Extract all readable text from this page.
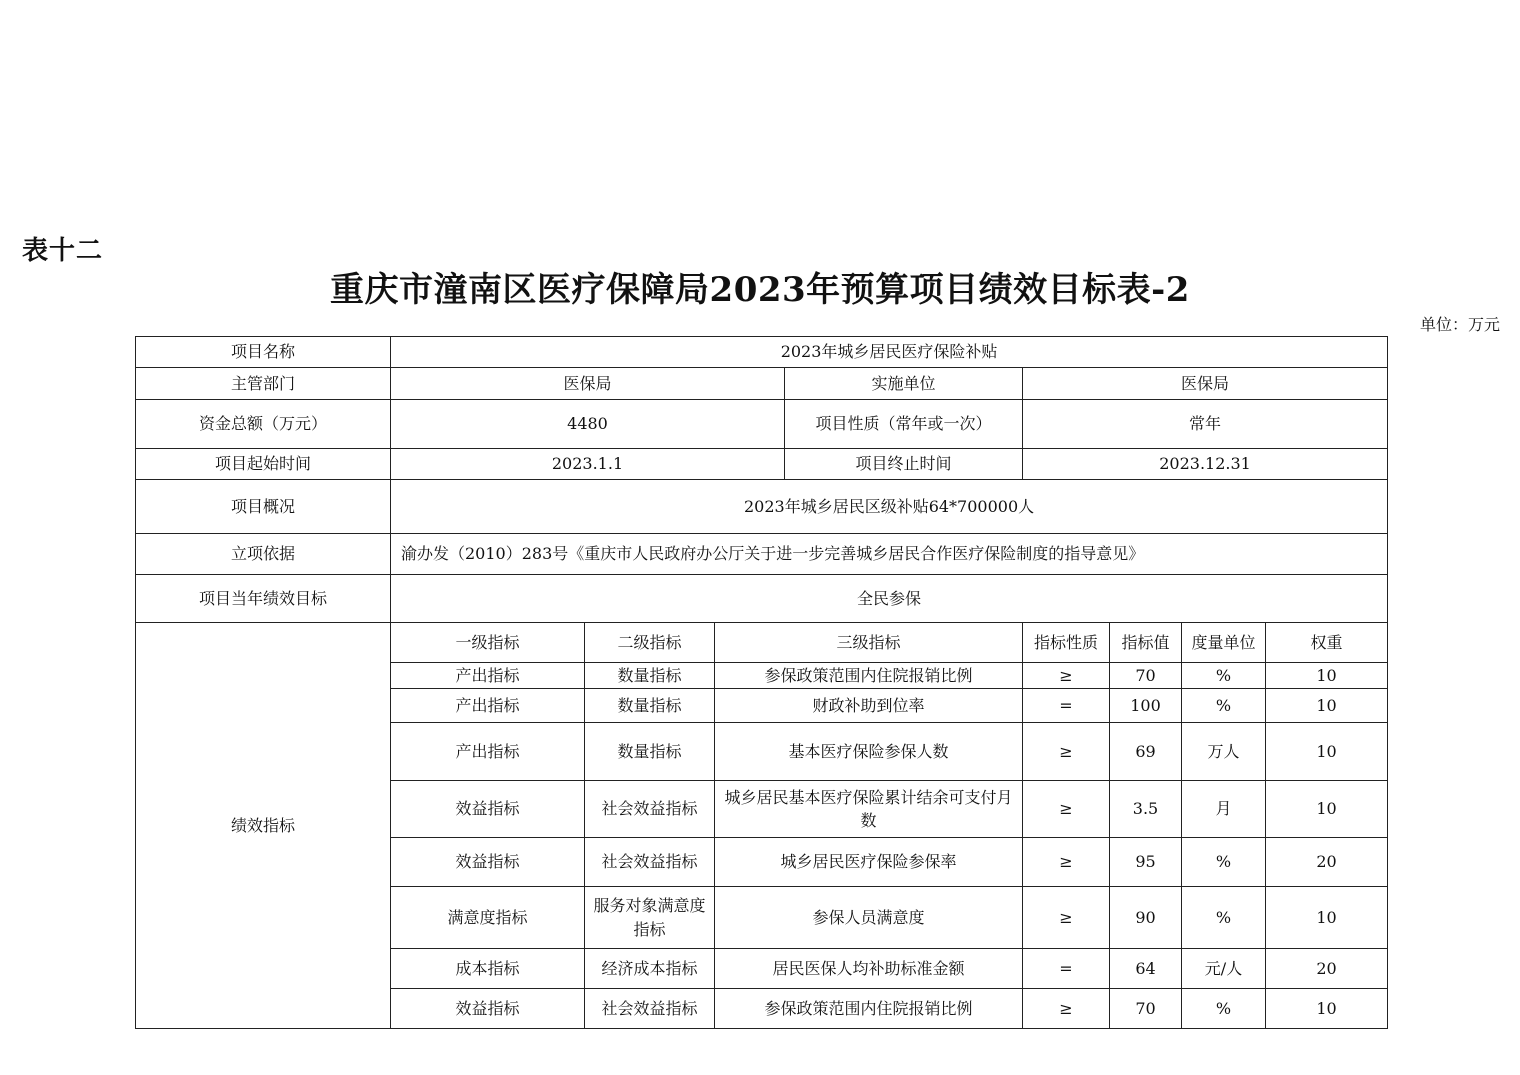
表十二
重庆市潼南区医疗保障局2023年预算项目绩效目标表-2
单位：万元
项目名称	2023年城乡居民医疗保险补贴							
主管部门	医保局			实施单位	医保局			
资金总额（万元）	4480			项目性质（常年或一次）	常年			
项目起始时间	2023.1.1			项目终止时间	2023.12.31			
项目概况	2023年城乡居民区级补贴64*700000人							
立项依据	渝办发（2010）283号《重庆市人民政府办公厅关于进一步完善城乡居民合作医疗保险制度的指导意见》							
项目当年绩效目标	全民参保							
绩效指标	一级指标	二级指标	三级指标		指标性质	指标值	度量单位	权重
	产出指标	数量指标	参保政策范围内住院报销比例		≥	70	%	10
	产出指标	数量指标	财政补助到位率		=	100	%	10
	产出指标	数量指标	基本医疗保险参保人数		≥	69	万人	10
	效益指标	社会效益指标	城乡居民基本医疗保险累计结余可支付月数		≥	3.5	月	10
	效益指标	社会效益指标	城乡居民医疗保险参保率		≥	95	%	20
	满意度指标	服务对象满意度指标	参保人员满意度		≥	90	%	10
	成本指标	经济成本指标	居民医保人均补助标准金额		=	64	元/人	20
	效益指标	社会效益指标	参保政策范围内住院报销比例		≥	70	%	10
